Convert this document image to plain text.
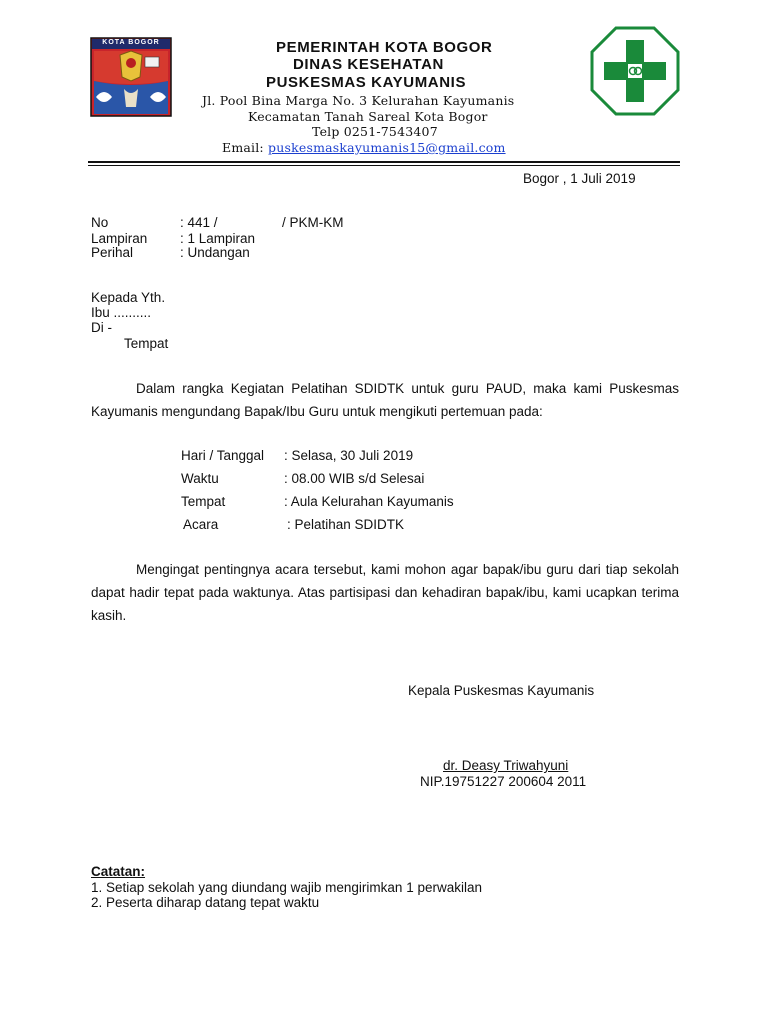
KOTA BOGOR	PEMERINTAH KOTA BOGOR
DINAS KESEHATAN
PUSKESMAS KAYUMANIS
Jl. Pool Bina Marga No. 3 Kelurahan Kayumanis
Kecamatan Tanah Sareal Kota Bogor
Telp 0251-7543407
Email: puskesmaskayumanis15@gmail.com
Bogor , 1 Juli 2019
No	: 441 /	/ PKM-KM
Lampiran : 1 Lampiran
Perihal	: Undangan
Kepada Yth.
Ibu ..........
Di -
Tempat
Dalam rangka Kegiatan Pelatihan SDIDTK untuk guru PAUD, maka kami Puskesmas Kayumanis mengundang Bapak/Ibu Guru untuk mengikuti pertemuan pada:
Hari / Tanggal : Selasa, 30 Juli 2019
Waktu	: 08.00 WIB s/d Selesai
Tempat	: Aula Kelurahan Kayumanis
Acara	: Pelatihan SDIDTK
Mengingat pentingnya acara tersebut, kami mohon agar bapak/ibu guru dari tiap sekolah dapat hadir tepat pada waktunya. Atas partisipasi dan kehadiran bapak/ibu, kami ucapkan terima kasih.
Kepala Puskesmas Kayumanis
dr. Deasy Triwahyuni
NIP.19751227 200604 2011
Catatan:
1. Setiap sekolah yang diundang wajib mengirimkan 1 perwakilan
2. Peserta diharap datang tepat waktu
